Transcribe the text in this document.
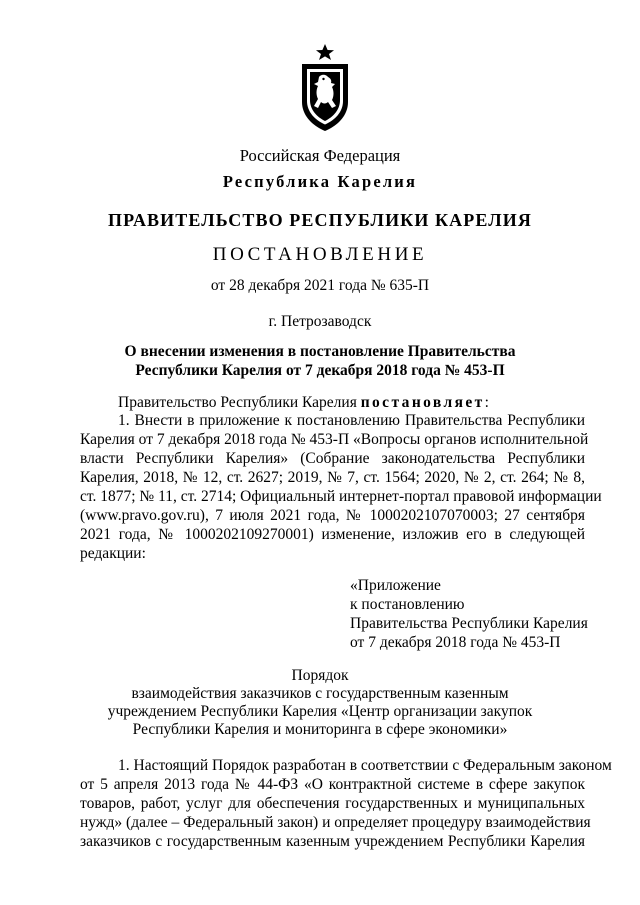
Российская Федерация
Республика Карелия
ПРАВИТЕЛЬСТВО РЕСПУБЛИКИ КАРЕЛИЯ
ПОСТАНОВЛЕНИЕ
от 28 декабря 2021 года № 635-П
г. Петрозаводск
О внесении изменения в постановление Правительства
Республики Карелия от 7 декабря 2018 года № 453-П
Правительство Республики Карелия постановляет:
1. Внести в приложение к постановлению Правительства Республики
Карелия от 7 декабря 2018 года № 453-П «Вопросы органов исполнительной
власти Республики Карелия» (Собрание законодательства Республики
Карелия, 2018, № 12, ст. 2627; 2019, № 7, ст. 1564; 2020, № 2, ст. 264; № 8,
ст. 1877; № 11, ст. 2714; Официальный интернет-портал правовой информации
(www.pravo.gov.ru), 7 июля 2021 года, № 1000202107070003; 27 сентября
2021 года, № 1000202109270001) изменение, изложив его в следующей
редакции:
«Приложение
к постановлению
Правительства Республики Карелия
от 7 декабря 2018 года № 453-П
Порядок
взаимодействия заказчиков с государственным казенным
учреждением Республики Карелия «Центр организации закупок
Республики Карелия и мониторинга в сфере экономики»
1. Настоящий Порядок разработан в соответствии с Федеральным законом
от 5 апреля 2013 года № 44-ФЗ «О контрактной системе в сфере закупок
товаров, работ, услуг для обеспечения государственных и муниципальных
нужд» (далее – Федеральный закон) и определяет процедуру взаимодействия
заказчиков с государственным казенным учреждением Республики Карелия
